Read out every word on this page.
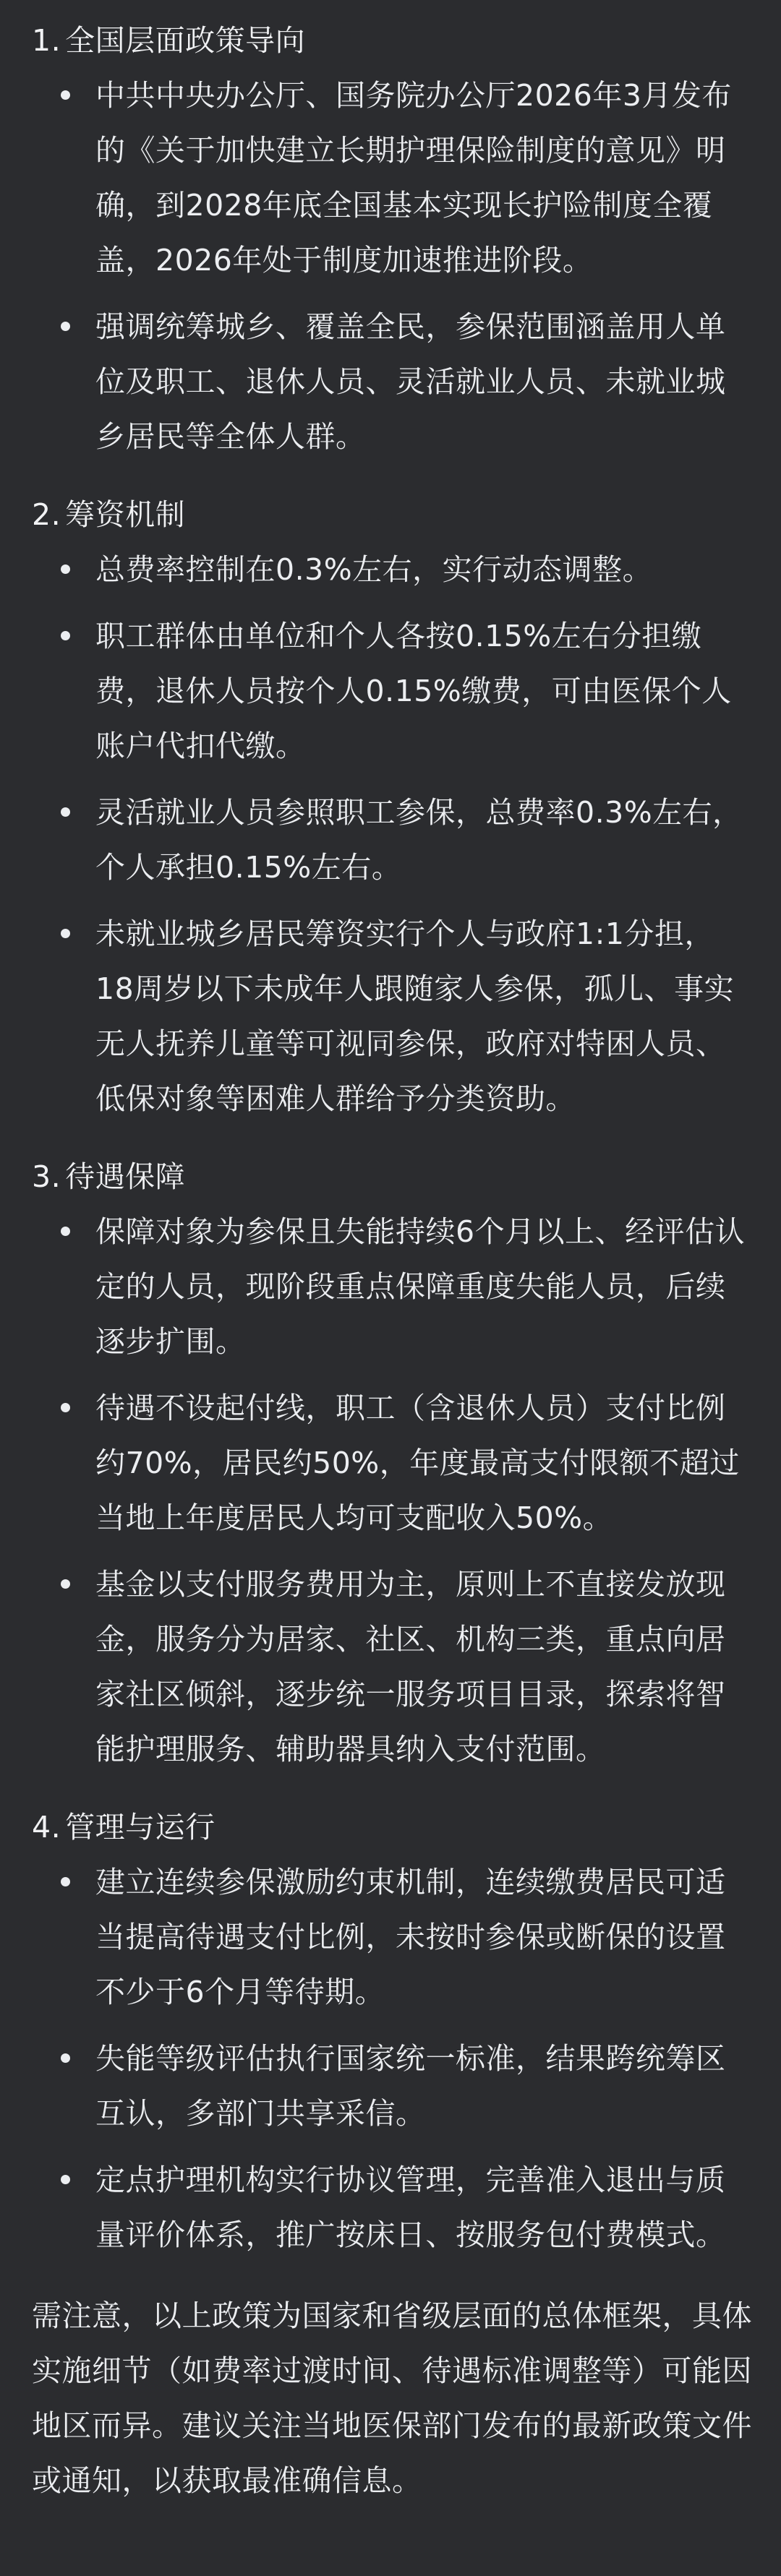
1. 全国层面政策导向
中共中央办公厅、国务院办公厅2026年3月发布的《关于加快建立长期护理保险制度的意见》明确，到2028年底全国基本实现长护险制度全覆盖，2026年处于制度加速推进阶段。
强调统筹城乡、覆盖全民，参保范围涵盖用人单位及职工、退休人员、灵活就业人员、未就业城乡居民等全体人群。
2. 筹资机制
总费率控制在0.3%左右，实行动态调整。
职工群体由单位和个人各按0.15%左右分担缴费，退休人员按个人0.15%缴费，可由医保个人账户代扣代缴。
灵活就业人员参照职工参保，总费率0.3%左右，个人承担0.15%左右。
未就业城乡居民筹资实行个人与政府1:1分担，18周岁以下未成年人跟随家人参保，孤儿、事实无人抚养儿童等可视同参保，政府对特困人员、低保对象等困难人群给予分类资助。
3. 待遇保障
保障对象为参保且失能持续6个月以上、经评估认定的人员，现阶段重点保障重度失能人员，后续逐步扩围。
待遇不设起付线，职工（含退休人员）支付比例约70%，居民约50%，年度最高支付限额不超过当地上年度居民人均可支配收入50%。
基金以支付服务费用为主，原则上不直接发放现金，服务分为居家、社区、机构三类，重点向居家社区倾斜，逐步统一服务项目目录，探索将智能护理服务、辅助器具纳入支付范围。
4. 管理与运行
建立连续参保激励约束机制，连续缴费居民可适当提高待遇支付比例，未按时参保或断保的设置不少于6个月等待期。
失能等级评估执行国家统一标准，结果跨统筹区互认，多部门共享采信。
定点护理机构实行协议管理，完善准入退出与质量评价体系，推广按床日、按服务包付费模式。

需注意，以上政策为国家和省级层面的总体框架，具体实施细节（如费率过渡时间、待遇标准调整等）可能因地区而异。建议关注当地医保部门发布的最新政策文件或通知，以获取最准确信息。
